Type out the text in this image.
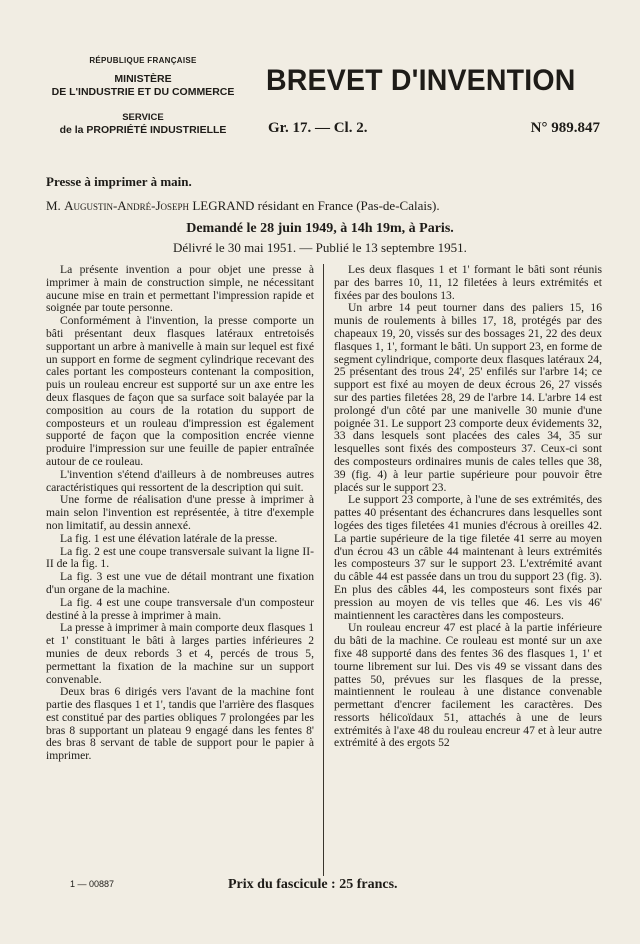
RÉPUBLIQUE FRANÇAISE
MINISTÈRE
DE L'INDUSTRIE ET DU COMMERCE
SERVICE
de la PROPRIÉTÉ INDUSTRIELLE
BREVET D'INVENTION
Gr. 17. — Cl. 2.	N° 989.847
Presse à imprimer à main.
M. Augustin-André-Joseph LEGRAND résidant en France (Pas-de-Calais).
Demandé le 28 juin 1949, à 14h 19m, à Paris.
Délivré le 30 mai 1951. — Publié le 13 septembre 1951.

La présente invention a pour objet une presse à imprimer à main de construction simple, ne nécessitant aucune mise en train et permettant l'impression rapide et soignée par toute personne.

Conformément à l'invention, la presse comporte un bâti présentant deux flasques latéraux entretoisés supportant un arbre à manivelle à main sur lequel est fixé un support en forme de segment cylindrique recevant des cales portant les composteurs contenant la composition, puis un rouleau encreur est supporté sur un axe entre les deux flasques de façon que sa surface soit balayée par la composition au cours de la rotation du support de composteurs et un rouleau d'impression est également supporté de façon que la composition encrée vienne produire l'impression sur une feuille de papier entraînée autour de ce rouleau.

L'invention s'étend d'ailleurs à de nombreuses autres caractéristiques qui ressortent de la description qui suit.

Une forme de réalisation d'une presse à imprimer à main selon l'invention est représentée, à titre d'exemple non limitatif, au dessin annexé.

La fig. 1 est une élévation latérale de la presse.

La fig. 2 est une coupe transversale suivant la ligne II-II de la fig. 1.

La fig. 3 est une vue de détail montrant une fixation d'un organe de la machine.

La fig. 4 est une coupe transversale d'un composteur destiné à la presse à imprimer à main.

La presse à imprimer à main comporte deux flasques 1 et 1' constituant le bâti à larges parties inférieures 2 munies de deux rebords 3 et 4, percés de trous 5, permettant la fixation de la machine sur un support convenable.

Deux bras 6 dirigés vers l'avant de la machine font partie des flasques 1 et 1', tandis que l'arrière des flasques est constitué par des parties obliques 7 prolongées par les bras 8 supportant un plateau 9 engagé dans les fentes 8' des bras 8 servant de table de support pour le papier à imprimer.

Les deux flasques 1 et 1' formant le bâti sont réunis par des barres 10, 11, 12 filetées à leurs extrémités et fixées par des boulons 13.

Un arbre 14 peut tourner dans des paliers 15, 16 munis de roulements à billes 17, 18, protégés par des chapeaux 19, 20, vissés sur des bossages 21, 22 des deux flasques 1, 1', formant le bâti. Un support 23, en forme de segment cylindrique, comporte deux flasques latéraux 24, 25 présentant des trous 24', 25' enfilés sur l'arbre 14; ce support est fixé au moyen de deux écrous 26, 27 vissés sur des parties filetées 28, 29 de l'arbre 14. L'arbre 14 est prolongé d'un côté par une manivelle 30 munie d'une poignée 31. Le support 23 comporte deux évidements 32, 33 dans lesquels sont placées des cales 34, 35 sur lesquelles sont fixés des composteurs 37. Ceux-ci sont des composteurs ordinaires munis de cales telles que 38, 39 (fig. 4) à leur partie supérieure pour pouvoir être placés sur le support 23.

Le support 23 comporte, à l'une de ses extrémités, des pattes 40 présentant des échancrures dans lesquelles sont logées des tiges filetées 41 munies d'écrous à oreilles 42. La partie supérieure de la tige filetée 41 serre au moyen d'un écrou 43 un câble 44 maintenant à leurs extrémités les composteurs 37 sur le support 23. L'extrémité avant du câble 44 est passée dans un trou du support 23 (fig. 3). En plus des câbles 44, les composteurs sont fixés par pression au moyen de vis telles que 46. Les vis 46' maintiennent les caractères dans les composteurs.

Un rouleau encreur 47 est placé à la partie inférieure du bâti de la machine. Ce rouleau est monté sur un axe fixe 48 supporté dans des fentes 36 des flasques 1, 1' et tourne librement sur lui. Des vis 49 se vissant dans des pattes 50, prévues sur les flasques de la presse, maintiennent le rouleau à une distance convenable permettant d'encrer facilement les caractères. Des ressorts hélicoïdaux 51, attachés à une de leurs extrémités à l'axe 48 du rouleau encreur 47 et à leur autre extrémité à des ergots 52

1 — 00887	Prix du fascicule : 25 francs.
